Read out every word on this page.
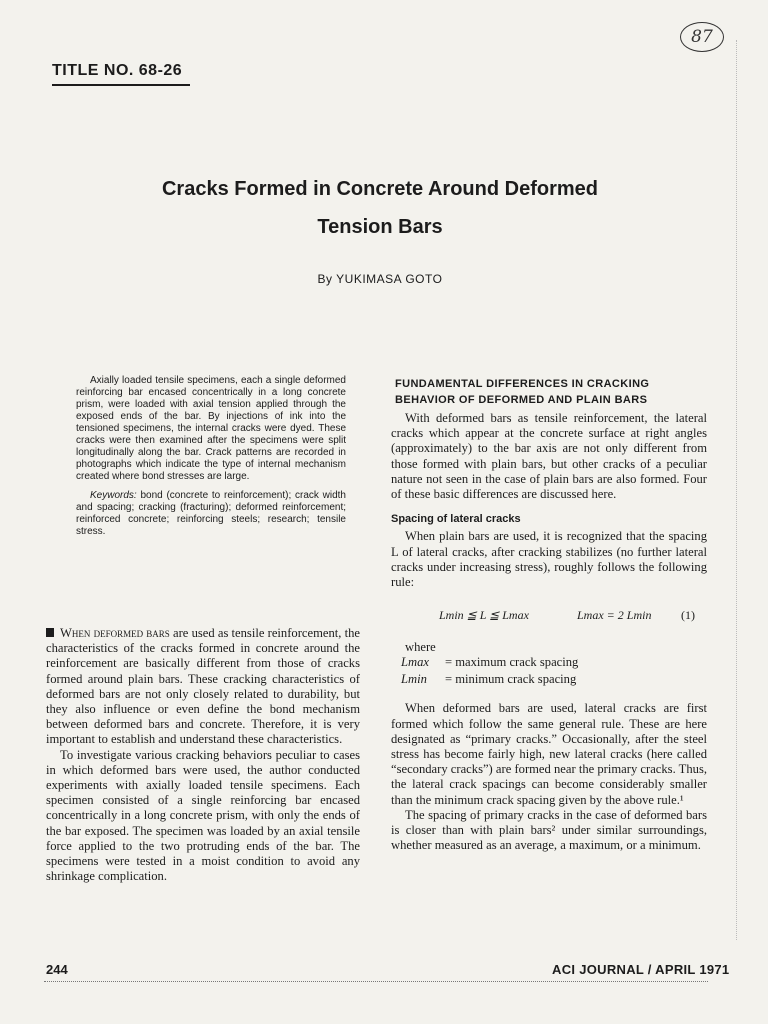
TITLE NO. 68-26
87
Cracks Formed in Concrete Around Deformed
Tension Bars
By YUKIMASA GOTO

Axially loaded tensile specimens, each a single deformed reinforcing bar encased concentrically in a long concrete prism, were loaded with axial tension applied through the exposed ends of the bar. By injections of ink into the tensioned specimens, the internal cracks were dyed. These cracks were then examined after the specimens were split longitudinally along the bar. Crack patterns are recorded in photographs which indicate the type of internal mechanism created where bond stresses are large.

Keywords: bond (concrete to reinforcement); crack width and spacing; cracking (fracturing); deformed reinforcement; reinforced concrete; reinforcing steels; research; tensile stress.

When deformed bars are used as tensile reinforcement, the characteristics of the cracks formed in concrete around the reinforcement are basically different from those of cracks formed around plain bars. These cracking characteristics of deformed bars are not only closely related to durability, but they also influence or even define the bond mechanism between deformed bars and concrete. Therefore, it is very important to establish and understand these characteristics.

To investigate various cracking behaviors peculiar to cases in which deformed bars were used, the author conducted experiments with axially loaded tensile specimens. Each specimen consisted of a single reinforcing bar encased concentrically in a long concrete prism, with only the ends of the bar exposed. The specimen was loaded by an axial tensile force applied to the two protruding ends of the bar. The specimens were tested in a moist condition to avoid any shrinkage complication.

FUNDAMENTAL DIFFERENCES IN CRACKING BEHAVIOR OF DEFORMED AND PLAIN BARS

With deformed bars as tensile reinforcement, the lateral cracks which appear at the concrete surface at right angles (approximately) to the bar axis are not only different from those formed with plain bars, but other cracks of a peculiar nature not seen in the case of plain bars are also formed. Four of these basic differences are discussed here.

Spacing of lateral cracks

When plain bars are used, it is recognized that the spacing L of lateral cracks, after cracking stabilizes (no further lateral cracks under increasing stress), roughly follows the following rule:

Lmin ≦ L ≦ Lmax	Lmax = 2 Lmin (1)

where

Lmax = maximum crack spacing
Lmin = minimum crack spacing

When deformed bars are used, lateral cracks are first formed which follow the same general rule. These are here designated as “primary cracks.” Occasionally, after the steel stress has become fairly high, new lateral cracks (here called “secondary cracks”) are formed near the primary cracks. Thus, the lateral crack spacings can become considerably smaller than the minimum crack spacing given by the above rule.¹

The spacing of primary cracks in the case of deformed bars is closer than with plain bars² under similar surroundings, whether measured as an average, a maximum, or a minimum.

244	ACI JOURNAL / APRIL 1971
